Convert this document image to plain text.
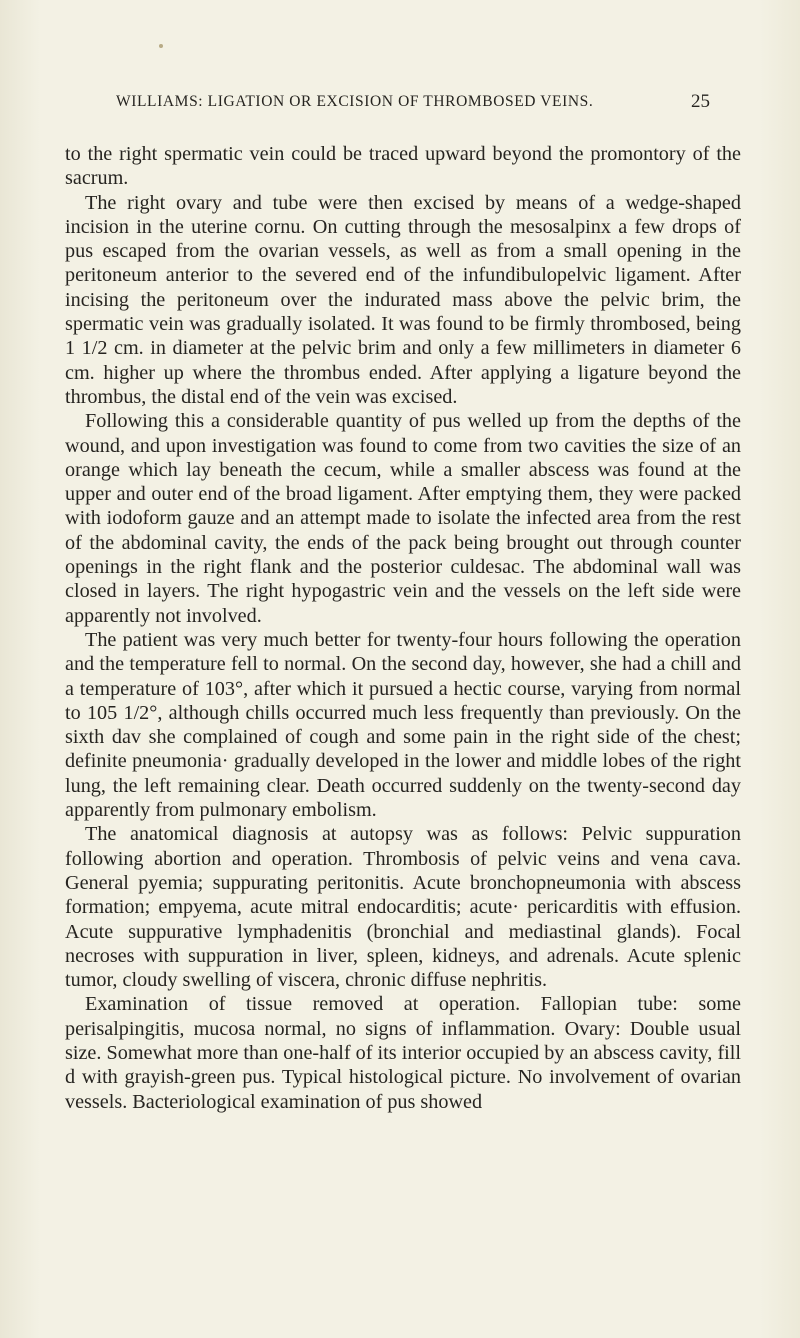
WILLIAMS: LIGATION OR EXCISION OF THROMBOSED VEINS.	25

to the right spermatic vein could be traced upward beyond the promontory of the sacrum.

The right ovary and tube were then excised by means of a wedge-shaped incision in the uterine cornu. On cutting through the mesosalpinx a few drops of pus escaped from the ovarian vessels, as well as from a small opening in the peritoneum anterior to the severed end of the infundibulopelvic ligament. After incising the peritoneum over the indurated mass above the pelvic brim, the spermatic vein was gradually isolated. It was found to be firmly thrombosed, being 1 1/2 cm. in diameter at the pelvic brim and only a few millimeters in diameter 6 cm. higher up where the thrombus ended. After applying a ligature beyond the thrombus, the distal end of the vein was excised.

Following this a considerable quantity of pus welled up from the depths of the wound, and upon investigation was found to come from two cavities the size of an orange which lay beneath the cecum, while a smaller abscess was found at the upper and outer end of the broad ligament. After emptying them, they were packed with iodoform gauze and an attempt made to isolate the infected area from the rest of the abdominal cavity, the ends of the pack being brought out through counter openings in the right flank and the posterior culdesac. The abdominal wall was closed in layers. The right hypogastric vein and the vessels on the left side were apparently not involved.

The patient was very much better for twenty-four hours following the operation and the temperature fell to normal. On the second day, however, she had a chill and a temperature of 103°, after which it pursued a hectic course, varying from normal to 105 1/2°, although chills occurred much less frequently than previously. On the sixth dav she complained of cough and some pain in the right side of the chest; definite pneumonia· gradually developed in the lower and middle lobes of the right lung, the left remaining clear. Death occurred suddenly on the twenty-second day apparently from pulmonary embolism.

The anatomical diagnosis at autopsy was as follows: Pelvic suppuration following abortion and operation. Thrombosis of pelvic veins and vena cava. General pyemia; suppurating peritonitis. Acute bronchopneumonia with abscess formation; empyema, acute mitral endocarditis; acute· pericarditis with effusion. Acute suppurative lymphadenitis (bronchial and mediastinal glands). Focal necroses with suppuration in liver, spleen, kidneys, and adrenals. Acute splenic tumor, cloudy swelling of viscera, chronic diffuse nephritis.

Examination of tissue removed at operation. Fallopian tube: some perisalpingitis, mucosa normal, no signs of inflammation. Ovary: Double usual size. Somewhat more than one-half of its interior occupied by an abscess cavity, fill d with grayish-green pus. Typical histological picture. No involvement of ovarian vessels. Bacteriological examination of pus showed
